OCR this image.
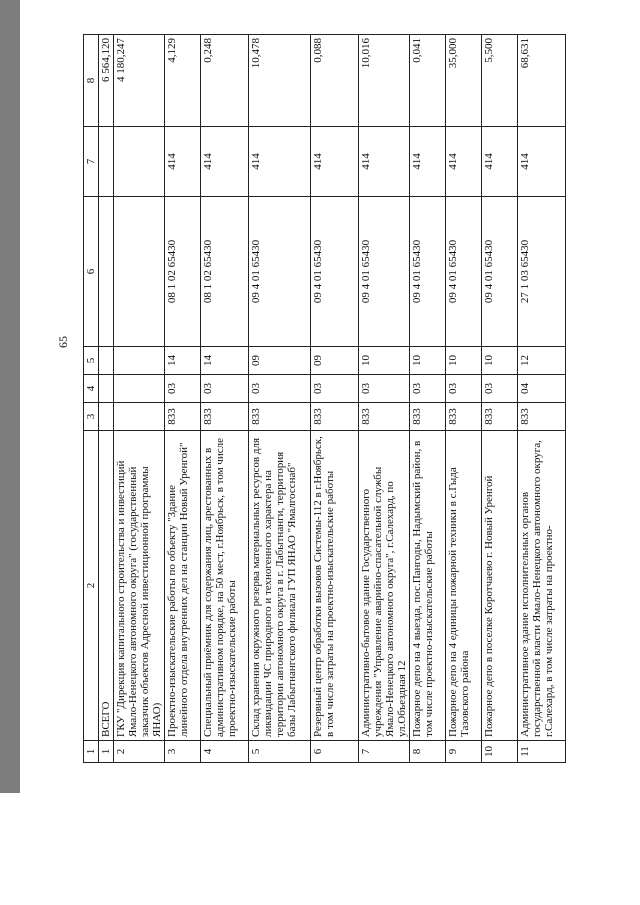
65
1	2	3	4	5	6	7	8
1	ВСЕГО						6 564,120
2	ГКУ "Дирекция капитального строительства и инвестиций Ямало-Ненецкого автономного округа" (государственный заказчик объектов Адресной инвестиционной программы ЯНАО)						4 180,247
3	Проектно-изыскательские работы по объекту "Здание линейного отдела внутренних дел на станции Новый Уренгой"	833	03	14	08 1 02 65430	414	4,129
4	Специальный приёмник для содержания лиц, арестованных в административном порядке, на 50 мест, г.Ноябрьск, в том числе проектно-изыскательские работы	833	03	14	08 1 02 65430	414	0,248
5	Склад хранения окружного резерва материальных ресурсов для ликвидации ЧС природного и техногенного характера на территории автономного округа в г. Лабытнанги, территория базы Лабытнангского филиала ГУП ЯНАО "Ямалгосснаб"	833	03	09	09 4 01 65430	414	10,478
6	Резервный центр обработки вызовов Системы-112 в г.Ноябрьск, в том числе затраты на проектно-изыскательские работы	833	03	09	09 4 01 65430	414	0,088
7	Административно-бытовое здание Государственного учреждения "Управление аварийно-спасательной службы Ямало-Ненецкого автономного округа", г.Салехард, по ул.Объездная 12	833	03	10	09 4 01 65430	414	10,016
8	Пожарное депо на 4 выезда, пос.Пангоды, Надымский район, в том числе проектно-изыскательские работы	833	03	10	09 4 01 65430	414	0,041
9	Пожарное депо на 4 единицы пожарной техники в с.Гыда Тазовского района	833	03	10	09 4 01 65430	414	35,000
10	Пожарное депо в поселке Коротчаево г. Новый Уренгой	833	03	10	09 4 01 65430	414	5,500
11	Административное здание исполнительных органов государственной власти Ямало-Ненецкого автономного округа, г.Салехард, в том числе затраты на проектно-	833	04	12	27 1 03 65430	414	68,631
